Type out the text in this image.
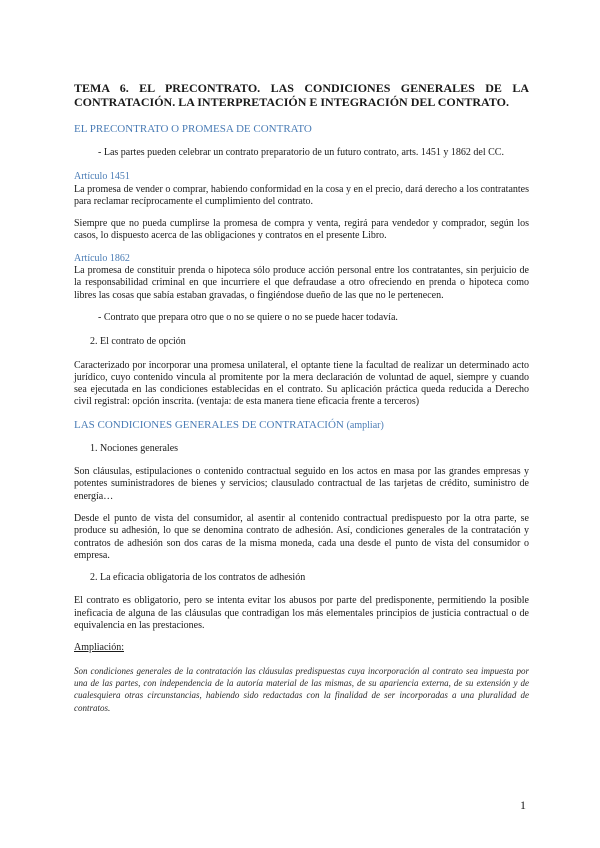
TEMA 6. EL PRECONTRATO. LAS CONDICIONES GENERALES DE LA
CONTRATACIÓN. LA INTERPRETACIÓN E INTEGRACIÓN DEL CONTRATO.
EL PRECONTRATO O PROMESA DE CONTRATO
- Las partes pueden celebrar un contrato preparatorio de un futuro contrato, arts. 1451 y 1862 del CC.
Artículo 1451

La promesa de vender o comprar, habiendo conformidad en la cosa y en el precio, dará derecho a los contratantes para reclamar recíprocamente el cumplimiento del contrato.

Siempre que no pueda cumplirse la promesa de compra y venta, regirá para vendedor y comprador, según los casos, lo dispuesto acerca de las obligaciones y contratos en el presente Libro.

Artículo 1862

La promesa de constituir prenda o hipoteca sólo produce acción personal entre los contratantes, sin perjuicio de la responsabilidad criminal en que incurriere el que defraudase a otro ofreciendo en prenda o hipoteca como libres las cosas que sabía estaban gravadas, o fingiéndose dueño de las que no le pertenecen.

- Contrato que prepara otro que o no se quiere o no se puede hacer todavía.
2. El contrato de opción

Caracterizado por incorporar una promesa unilateral, el optante tiene la facultad de realizar un determinado acto jurídico, cuyo contenido vincula al promitente por la mera declaración de voluntad de aquel, siempre y cuando sea ejecutada en las condiciones establecidas en el contrato. Su aplicación práctica queda reducida a Derecho civil registral: opción inscrita. (ventaja: de esta manera tiene eficacia frente a terceros)

LAS CONDICIONES GENERALES DE CONTRATACIÓN (ampliar)
1. Nociones generales

Son cláusulas, estipulaciones o contenido contractual seguido en los actos en masa por las grandes empresas y potentes suministradores de bienes y servicios; clausulado contractual de las tarjetas de crédito, suministro de energía…

Desde el punto de vista del consumidor, al asentir al contenido contractual predispuesto por la otra parte, se produce su adhesión, lo que se denomina contrato de adhesión. Así, condiciones generales de la contratación y contratos de adhesión son dos caras de la misma moneda, cada una desde el punto de vista del consumidor o empresa.

2. La eficacia obligatoria de los contratos de adhesión

El contrato es obligatorio, pero se intenta evitar los abusos por parte del predisponente, permitiendo la posible ineficacia de alguna de las cláusulas que contradigan los más elementales principios de justicia contractual o de equivalencia en las prestaciones.

Ampliación:

Son condiciones generales de la contratación las cláusulas predispuestas cuya incorporación al contrato sea impuesta por una de las partes, con independencia de la autoría material de las mismas, de su apariencia externa, de su extensión y de cualesquiera otras circunstancias, habiendo sido redactadas con la finalidad de ser incorporadas a una pluralidad de contratos.

1
